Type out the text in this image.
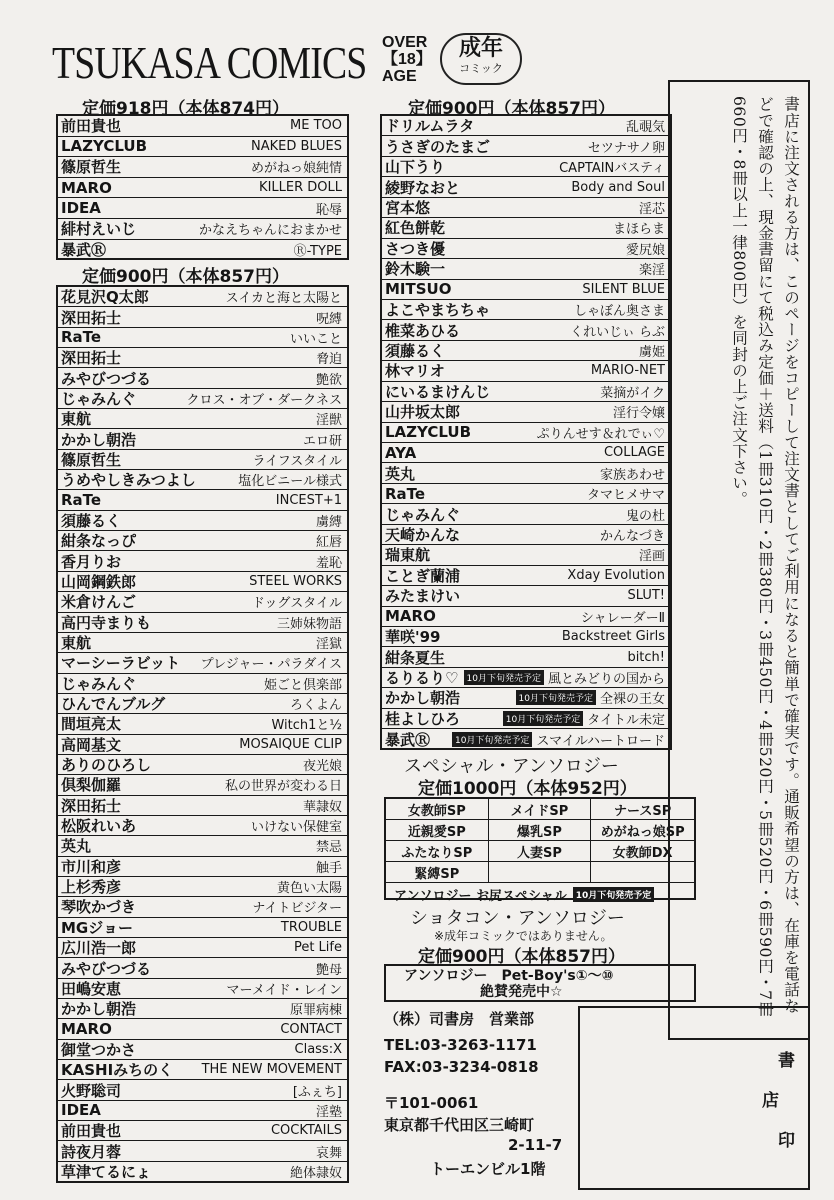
TSUKASA COMICS OVER
【18】
AGE
成年
コミック
定価918円（本体874円）
前田貴也	ME TOO
LAZYCLUB	NAKED BLUES
篠原哲生	めがねっ娘純情
MARO	KILLER DOLL
IDEA	恥辱
緋村えいじ	かなえちゃんにおまかせ
暴武Ⓡ	Ⓡ-TYPE
定価900円（本体857円）
花見沢Q太郎	スイカと海と太陽と
深田拓士	呪縛
RaTe	いいこと
深田拓士	脅迫
みやびつづる	艶欲
じゃみんぐ	クロス・オブ・ダークネス
東航	淫獣
かかし朝浩	エロ研
篠原哲生	ライフスタイル
うめやしきみつよし	塩化ビニール様式
RaTe	INCEST+1
須藤るく	虜縛
紺条なっぴ	紅唇
香月りお	羞恥
山岡鋼鉄郎	STEEL WORKS
米倉けんご	ドッグスタイル
高円寺まりも	三姉妹物語
東航	淫獄
マーシーラビット プレジャー・パラダイス
じゃみんぐ	姫ごと倶楽部
ひんでんブルグ	ろくよん
間垣亮太	Witch1と½
高岡基文	MOSAIQUE CLIP
ありのひろし	夜光娘
倶梨伽羅	私の世界が変わる日
深田拓士	華隷奴
松阪れいあ	いけない保健室
英丸	禁忌
市川和彦	触手
上杉秀彦	黄色い太陽
琴吹かづき	ナイトビジター
MGジョー	TROUBLE
広川浩一郎	Pet Life
みやびつづる	艶母
田嶋安恵	マーメイド・レイン
かかし朝浩	原罪病棟
MARO	CONTACT
御堂つかさ	Class:X
KASHIみちのく THE NEW MOVEMENT
火野聡司	[ふぇち]
IDEA	淫塾
前田貴也	COCKTAILS
詩夜月蓉	哀舞
草津てるにょ	絶体隷奴
定価900円（本体857円）
ドリルムラタ	乱覗気
うさぎのたまご	セツナサノ卵
山下うり	CAPTAINバスティ
綾野なおと	Body and Soul
宮本悠	淫芯
紅色餅乾	まほらま
さつき優	愛尻娘
鈴木験一	楽淫
MITSUO	SILENT BLUE
よこやまちちゃ	しゃぼん奥さま
椎菜あひる	くれいじぃ らぶ
須藤るく	虜姫
林マリオ	MARIO-NET
にいるまけんじ	菜摘がイク
山井坂太郎	淫行令嬢
LAZYCLUB	ぷりんせす＆れでぃ♡
AYA	COLLAGE
英丸	家族あわせ
RaTe	タマヒメサマ
じゃみんぐ	鬼の杜
天崎かんな	かんなづき
瑞東航	淫画
ことぎ蘭浦	Xday Evolution
みたまけい	SLUT!
MARO	シャレーダーⅡ
華咲'99	Backstreet Girls
紺条夏生	bitch!
るりるり♡ 10月下旬発売予定 風とみどりの国から
かかし朝浩	10月下旬発売予定 全裸の王女
桂よしひろ	10月下旬発売予定 タイトル未定
暴武Ⓡ	10月下旬発売予定 スマイルハートロード
スペシャル・アンソロジー
定価1000円（本体952円）
女教師SP	メイドSP	ナースSP
近親愛SP	爆乳SP	めがねっ娘SP
ふたなりSP	人妻SP	女教師DX
緊縛SP
アンソロジー お尻スペシャル	10月下旬発売予定
ショタコン・アンソロジー
※成年コミックではありません。
定価900円（本体857円）
アンソロジー　Pet-Boy's①〜⑩
絶賛発売中☆
（株）司書房　営業部
TEL:03-3263-1171
FAX:03-3234-0818
〒101-0061
東京都千代田区三崎町
2-11-7
トーエンビル1階
書店に注文される方は、このページをコピーして注文書としてご利用になると簡単で確実です。通販希望の方は、在庫を電話などで確認の上、現金書留にて税込み定価＋送料（1冊310円・2冊380円・3冊450円・4冊520円・5冊520円・6冊590円・7冊660円・8冊以上一律800円）を同封の上ご注文下さい。
書
店
印
